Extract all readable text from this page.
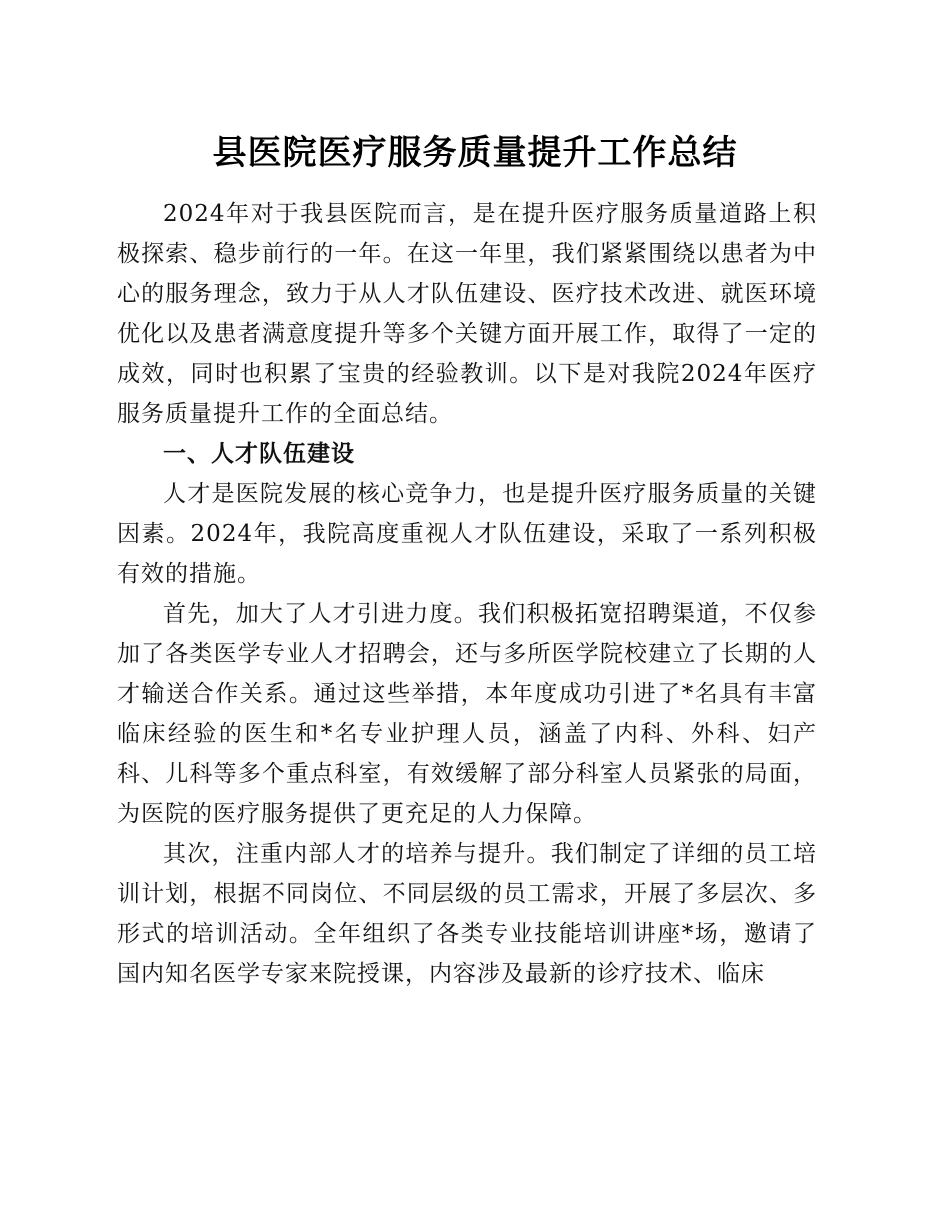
县医院医疗服务质量提升工作总结

2024年对于我县医院而言，是在提升医疗服务质量道路上积极探索、稳步前行的一年。在这一年里，我们紧紧围绕以患者为中心的服务理念，致力于从人才队伍建设、医疗技术改进、就医环境优化以及患者满意度提升等多个关键方面开展工作，取得了一定的成效，同时也积累了宝贵的经验教训。以下是对我院2024年医疗服务质量提升工作的全面总结。

一、人才队伍建设

人才是医院发展的核心竞争力，也是提升医疗服务质量的关键因素。2024年，我院高度重视人才队伍建设，采取了一系列积极有效的措施。

首先，加大了人才引进力度。我们积极拓宽招聘渠道，不仅参加了各类医学专业人才招聘会，还与多所医学院校建立了长期的人才输送合作关系。通过这些举措，本年度成功引进了*名具有丰富临床经验的医生和*名专业护理人员，涵盖了内科、外科、妇产科、儿科等多个重点科室，有效缓解了部分科室人员紧张的局面，为医院的医疗服务提供了更充足的人力保障。

其次，注重内部人才的培养与提升。我们制定了详细的员工培训计划，根据不同岗位、不同层级的员工需求，开展了多层次、多形式的培训活动。全年组织了各类专业技能培训讲座*场，邀请了国内知名医学专家来院授课，内容涉及最新的诊疗技术、临床
